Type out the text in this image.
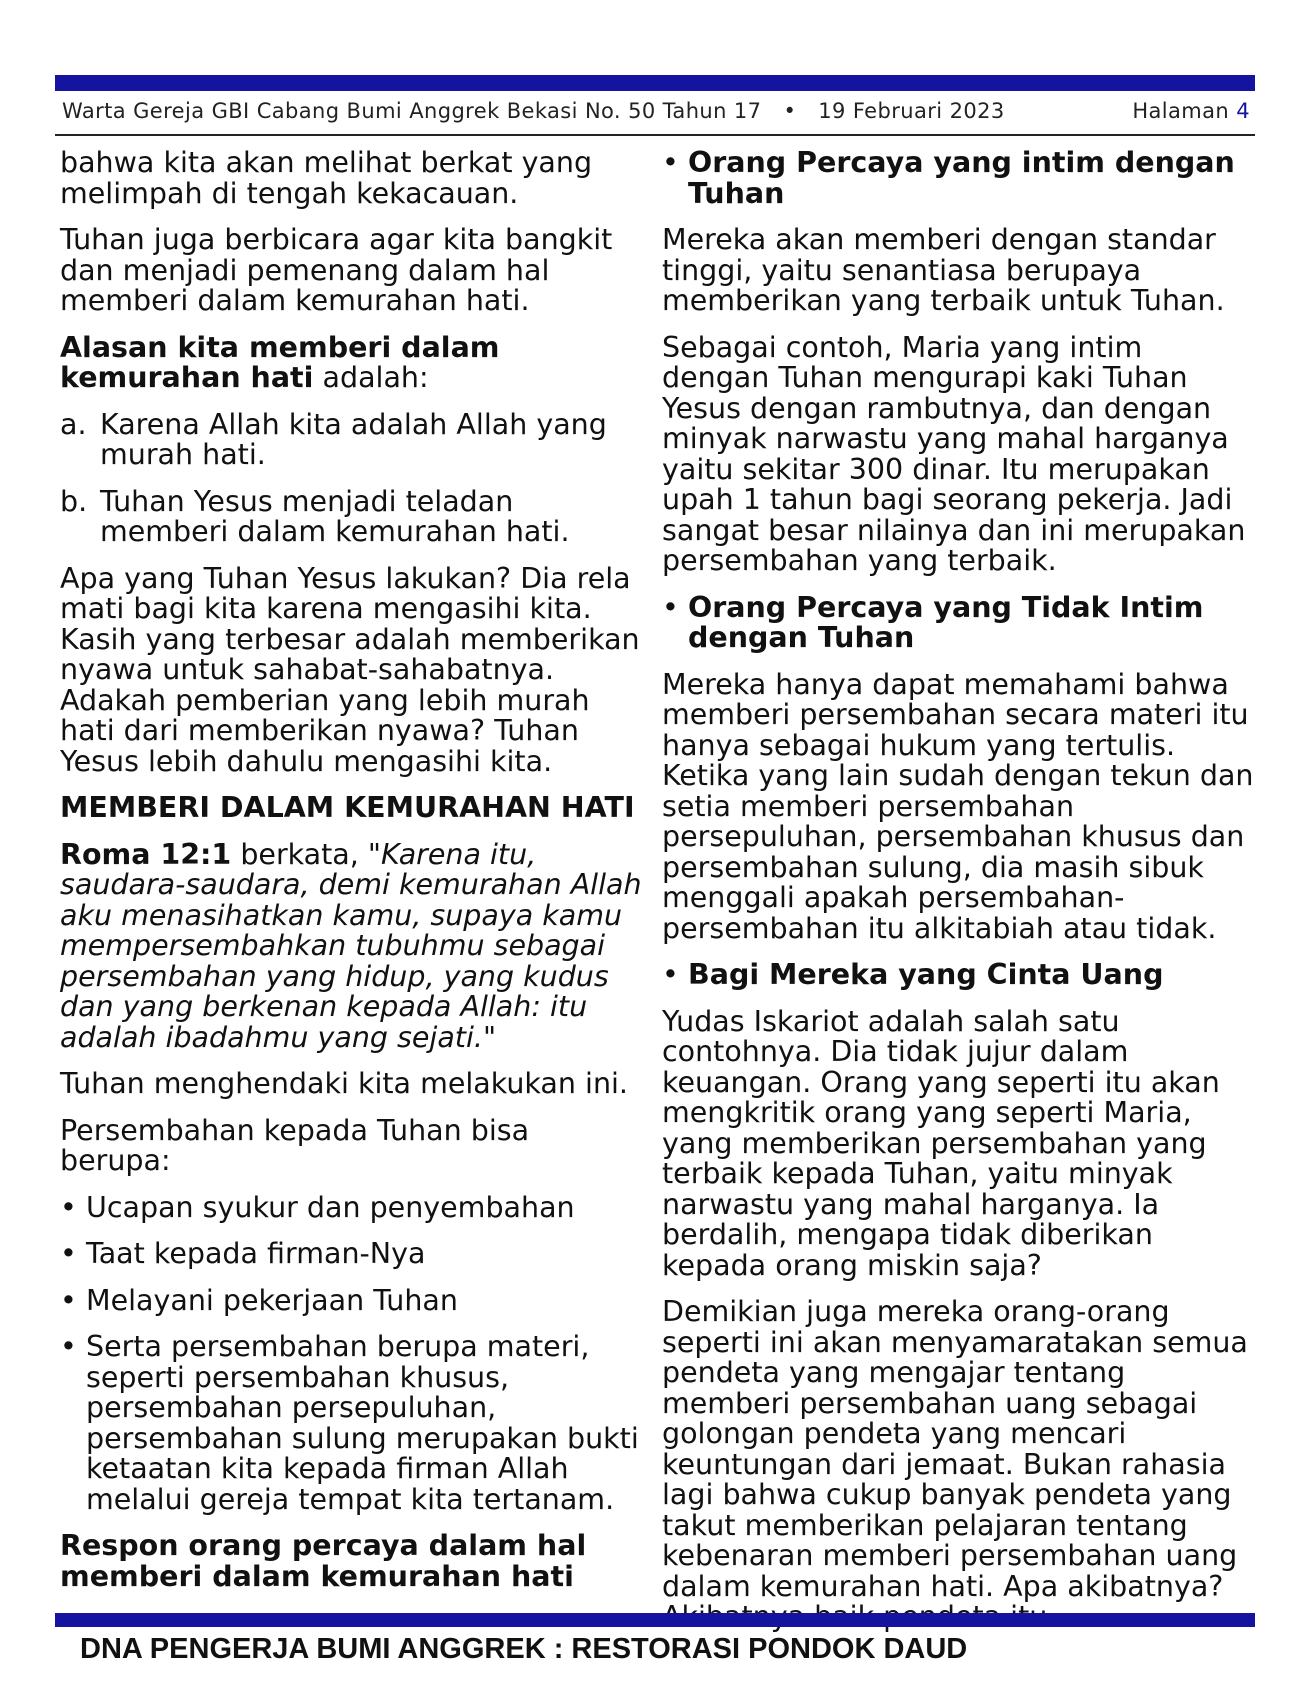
Warta Gereja GBI Cabang Bumi Anggrek Bekasi No. 50 Tahun 17 • 19 Februari 2023	Halaman 4

bahwa kita akan melihat berkat yang melimpah di tengah kekacauan.

Tuhan juga berbicara agar kita bangkit dan menjadi pemenang dalam hal memberi dalam kemurahan hati.

Alasan kita memberi dalam kemurahan hati adalah:

a. Karena Allah kita adalah Allah yang murah hati.
b. Tuhan Yesus menjadi teladan memberi dalam kemurahan hati.

Apa yang Tuhan Yesus lakukan? Dia rela mati bagi kita karena mengasihi kita. Kasih yang terbesar adalah memberikan nyawa untuk sahabat-sahabatnya. Adakah pemberian yang lebih murah hati dari memberikan nyawa? Tuhan Yesus lebih dahulu mengasihi kita.

MEMBERI DALAM KEMURAHAN HATI

Roma 12:1 berkata, "Karena itu, saudara-saudara, demi kemurahan Allah aku menasihatkan kamu, supaya kamu mempersembahkan tubuhmu sebagai persembahan yang hidup, yang kudus dan yang berkenan kepada Allah: itu adalah ibadahmu yang sejati."

Tuhan menghendaki kita melakukan ini.

Persembahan kepada Tuhan bisa berupa:

• Ucapan syukur dan penyembahan
• Taat kepada firman-Nya
• Melayani pekerjaan Tuhan
• Serta persembahan berupa materi, seperti persembahan khusus, persembahan persepuluhan, persembahan sulung merupakan bukti ketaatan kita kepada firman Allah melalui gereja tempat kita tertanam.

Respon orang percaya dalam hal memberi dalam kemurahan hati

• Orang Percaya yang intim dengan Tuhan

Mereka akan memberi dengan standar tinggi, yaitu senantiasa berupaya memberikan yang terbaik untuk Tuhan.

Sebagai contoh, Maria yang intim dengan Tuhan mengurapi kaki Tuhan Yesus dengan rambutnya, dan dengan minyak narwastu yang mahal harganya yaitu sekitar 300 dinar. Itu merupakan upah 1 tahun bagi seorang pekerja. Jadi sangat besar nilainya dan ini merupakan persembahan yang terbaik.

• Orang Percaya yang Tidak Intim dengan Tuhan

Mereka hanya dapat memahami bahwa memberi persembahan secara materi itu hanya sebagai hukum yang tertulis. Ketika yang lain sudah dengan tekun dan setia memberi persembahan persepuluhan, persembahan khusus dan persembahan sulung, dia masih sibuk menggali apakah persembahan-persembahan itu alkitabiah atau tidak.

• Bagi Mereka yang Cinta Uang

Yudas Iskariot adalah salah satu contohnya. Dia tidak jujur dalam keuangan. Orang yang seperti itu akan mengkritik orang yang seperti Maria, yang memberikan persembahan yang terbaik kepada Tuhan, yaitu minyak narwastu yang mahal harganya. Ia berdalih, mengapa tidak diberikan kepada orang miskin saja?

Demikian juga mereka orang-orang seperti ini akan menyamaratakan semua pendeta yang mengajar tentang memberi persembahan uang sebagai golongan pendeta yang mencari keuntungan dari jemaat. Bukan rahasia lagi bahwa cukup banyak pendeta yang takut memberikan pelajaran tentang kebenaran memberi persembahan uang dalam kemurahan hati. Apa akibatnya?

DNA PENGERJA BUMI ANGGREK : RESTORASI PONDOK DAUD
